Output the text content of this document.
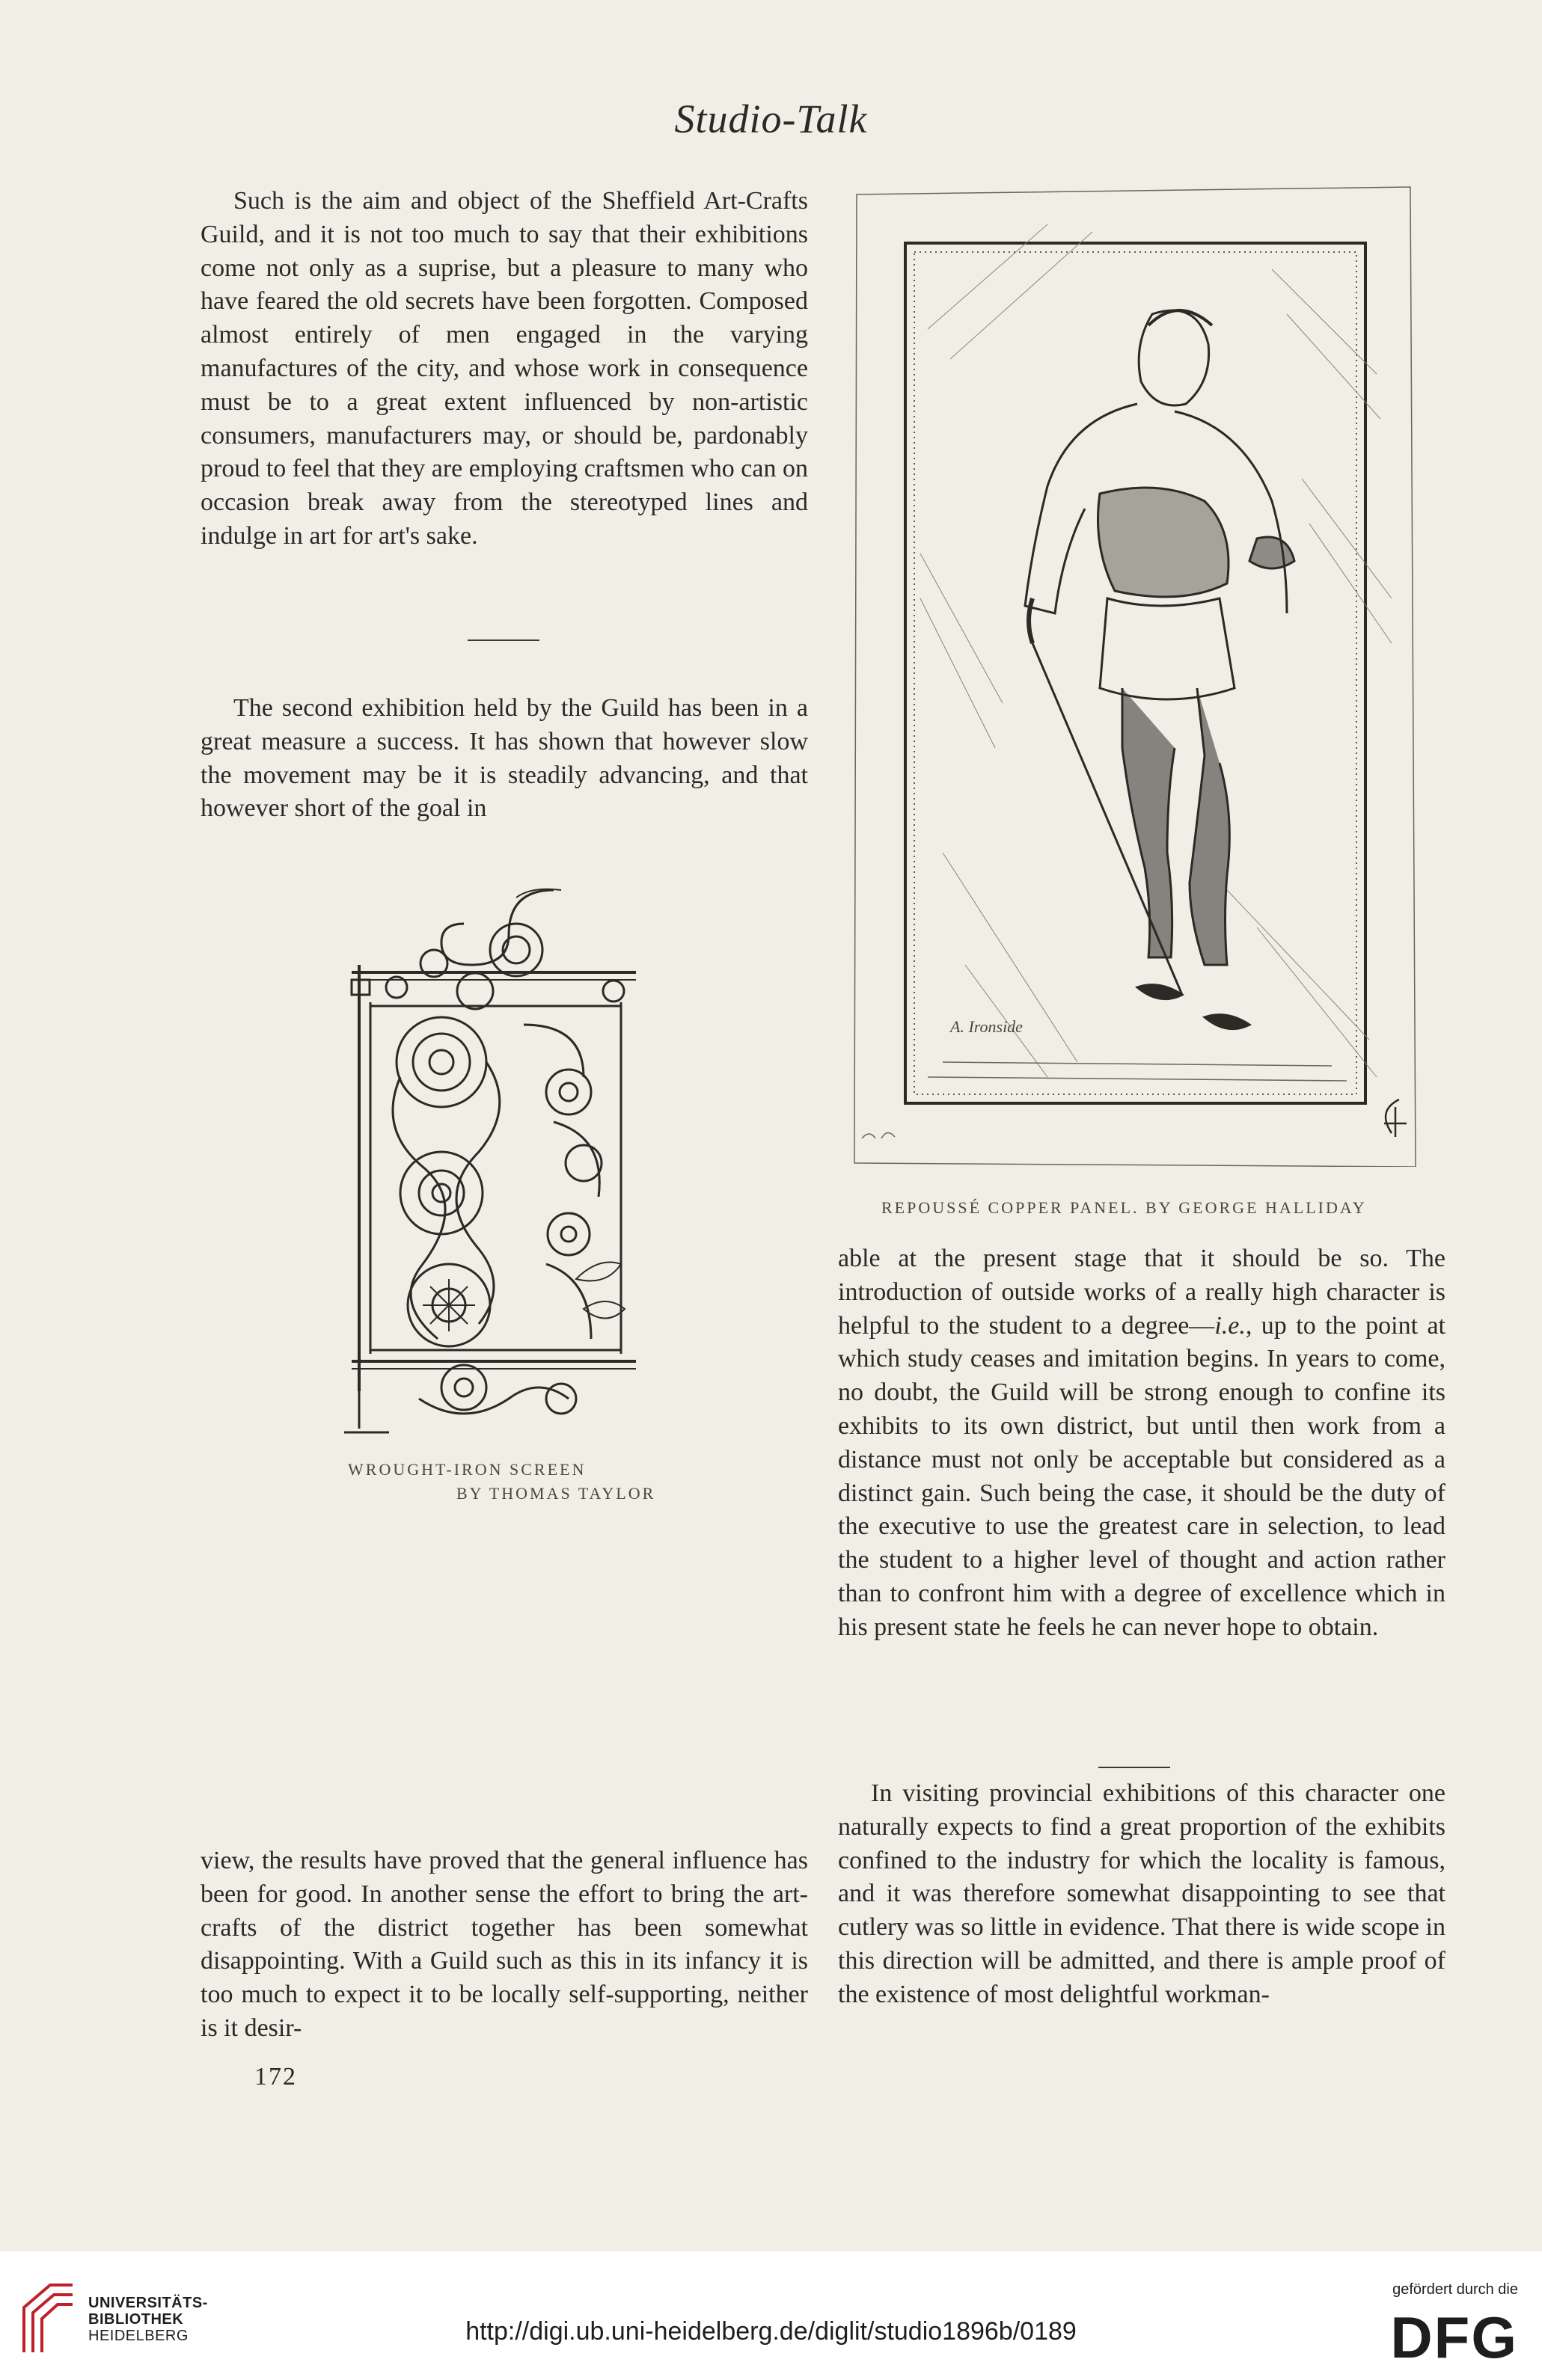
Studio-Talk

Such is the aim and object of the Sheffield Art-Crafts Guild, and it is not too much to say that their exhibitions come not only as a suprise, but a pleasure to many who have feared the old secrets have been forgotten. Composed almost entirely of men engaged in the varying manufactures of the city, and whose work in consequence must be to a great extent influenced by non-artistic consumers, manufacturers may, or should be, pardonably proud to feel that they are employing craftsmen who can on occasion break away from the stereotyped lines and indulge in art for art's sake.

The second exhibition held by the Guild has been in a great measure a success. It has shown that however slow the movement may be it is steadily advancing, and that however short of the goal in

WROUGHT-IRON SCREEN
BY THOMAS TAYLOR

view, the results have proved that the general influence has been for good. In another sense the effort to bring the art-crafts of the district together has been somewhat disappointing. With a Guild such as this in its infancy it is too much to expect it to be locally self-supporting, neither is it desir-

172
A. Ironside
REPOUSSÉ COPPER PANEL. BY GEORGE HALLIDAY

able at the present stage that it should be so. The introduction of outside works of a really high character is helpful to the student to a degree—i.e., up to the point at which study ceases and imitation begins. In years to come, no doubt, the Guild will be strong enough to confine its exhibits to its own district, but until then work from a distance must not only be acceptable but considered as a distinct gain. Such being the case, it should be the duty of the executive to use the greatest care in selection, to lead the student to a higher level of thought and action rather than to confront him with a degree of excellence which in his present state he feels he can never hope to obtain.

In visiting provincial exhibitions of this character one naturally expects to find a great proportion of the exhibits confined to the industry for which the locality is famous, and it was therefore somewhat disappointing to see that cutlery was so little in evidence. That there is wide scope in this direction will be admitted, and there is ample proof of the existence of most delightful workman-

UNIVERSITÄTS-
BIBLIOTHEK
HEIDELBERG	http://digi.ub.uni-heidelberg.de/diglit/studio1896b/0189
gefördert durch die
DFG
